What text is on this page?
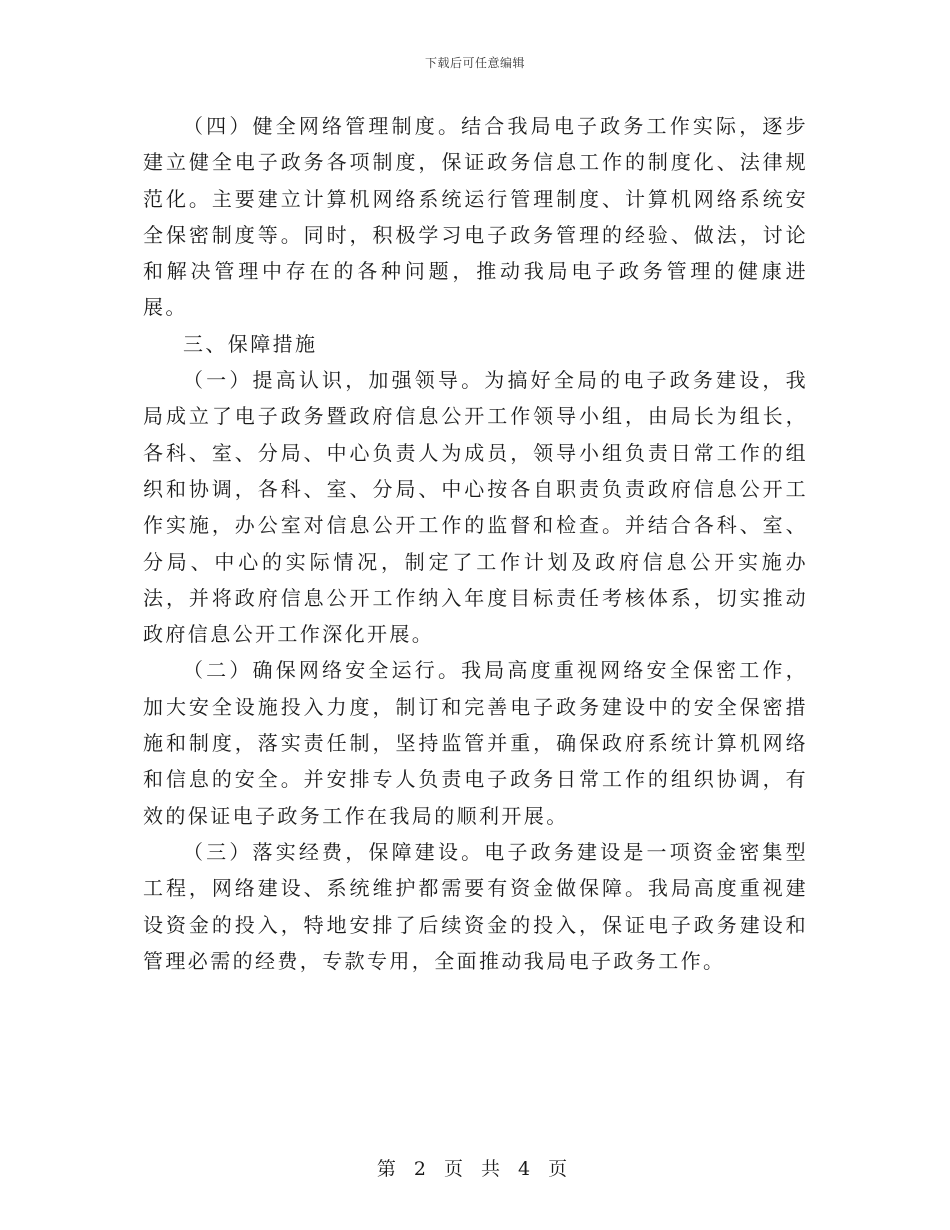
下载后可任意编辑

（四）健全网络管理制度。结合我局电子政务工作实际，逐步建立健全电子政务各项制度，保证政务信息工作的制度化、法律规范化。主要建立计算机网络系统运行管理制度、计算机网络系统安全保密制度等。同时，积极学习电子政务管理的经验、做法，讨论和解决管理中存在的各种问题，推动我局电子政务管理的健康进展。

三、保障措施

（一）提高认识，加强领导。为搞好全局的电子政务建设，我局成立了电子政务暨政府信息公开工作领导小组，由局长为组长，各科、室、分局、中心负责人为成员，领导小组负责日常工作的组织和协调，各科、室、分局、中心按各自职责负责政府信息公开工作实施，办公室对信息公开工作的监督和检查。并结合各科、室、分局、中心的实际情况，制定了工作计划及政府信息公开实施办法，并将政府信息公开工作纳入年度目标责任考核体系，切实推动政府信息公开工作深化开展。

（二）确保网络安全运行。我局高度重视网络安全保密工作，加大安全设施投入力度，制订和完善电子政务建设中的安全保密措施和制度，落实责任制，坚持监管并重，确保政府系统计算机网络和信息的安全。并安排专人负责电子政务日常工作的组织协调，有效的保证电子政务工作在我局的顺利开展。

（三）落实经费，保障建设。电子政务建设是一项资金密集型工程，网络建设、系统维护都需要有资金做保障。我局高度重视建设资金的投入，特地安排了后续资金的投入，保证电子政务建设和管理必需的经费，专款专用，全面推动我局电子政务工作。

第 2 页 共 4 页
